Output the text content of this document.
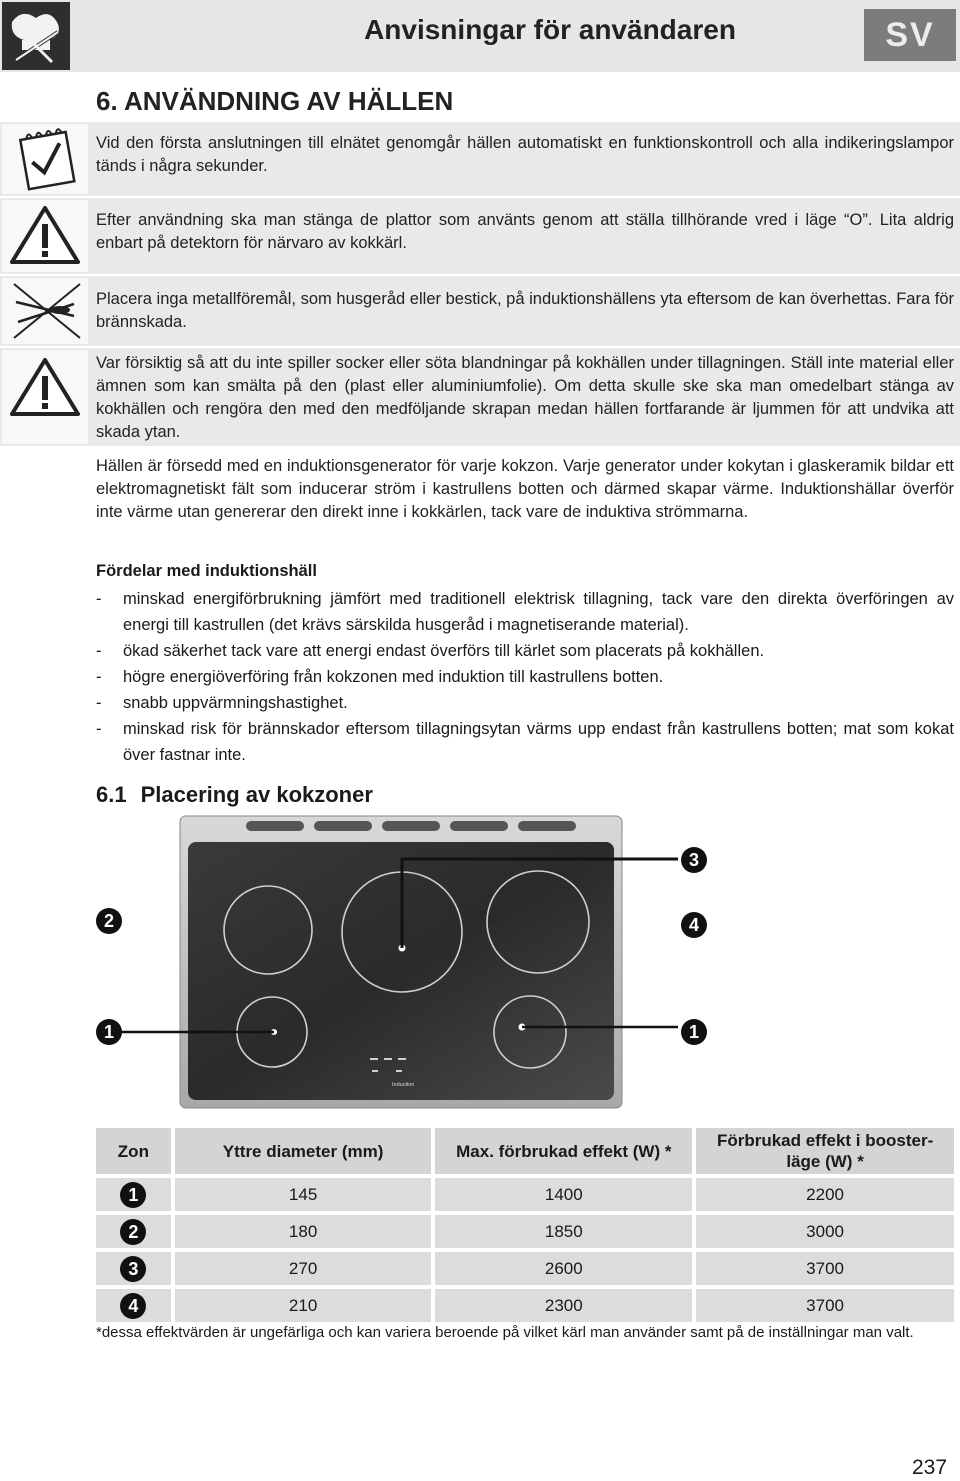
Anvisningar för användaren	SV
6. ANVÄNDNING AV HÄLLEN
Vid den första anslutningen till elnätet genomgår hällen automatiskt en funktionskontroll och alla indikeringslampor tänds i några sekunder.
Efter användning ska man stänga de plattor som använts genom att ställa tillhörande vred i läge “O”. Lita aldrig enbart på detektorn för närvaro av kokkärl.
Placera inga metallföremål, som husgeråd eller bestick, på induktionshällens yta eftersom de kan överhettas. Fara för brännskada.
Var försiktig så att du inte spiller socker eller söta blandningar på kokhällen under tillagningen. Ställ inte material eller ämnen som kan smälta på den (plast eller aluminiumfolie). Om detta skulle ske ska man omedelbart stänga av kokhällen och rengöra den med den medföljande skrapan medan hällen fortfarande är ljummen för att undvika att skada ytan.
Hällen är försedd med en induktionsgenerator för varje kokzon. Varje generator under kokytan i glaskeramik bildar ett elektromagnetiskt fält som inducerar ström i kastrullens botten och därmed skapar värme. Induktionshällar överför inte värme utan genererar den direkt inne i kokkärlen, tack vare de induktiva strömmarna.
Fördelar med induktionshäll
- minskad energiförbrukning jämfört med traditionell elektrisk tillagning, tack vare den direkta överföringen av energi till kastrullen (det krävs särskilda husgeråd i magnetiserande material).
- ökad säkerhet tack vare att energi endast överförs till kärlet som placerats på kokhällen.
- högre energiöverföring från kokzonen med induktion till kastrullens botten.
- snabb uppvärmningshastighet.
- minskad risk för brännskador eftersom tillagningsytan värms upp endast från kastrullens botten; mat som kokat över fastnar inte.
6.1 Placering av kokzoner
Induction
3
2	4
1	1
Zon	Yttre diameter (mm)	Max. förbrukad effekt (W) *	Förbrukad effekt i booster-läge (W) *
1	145	1400	2200
2	180	1850	3000
3	270	2600	3700
4	210	2300	3700
*dessa effektvärden är ungefärliga och kan variera beroende på vilket kärl man använder samt på de inställningar man valt.
237
